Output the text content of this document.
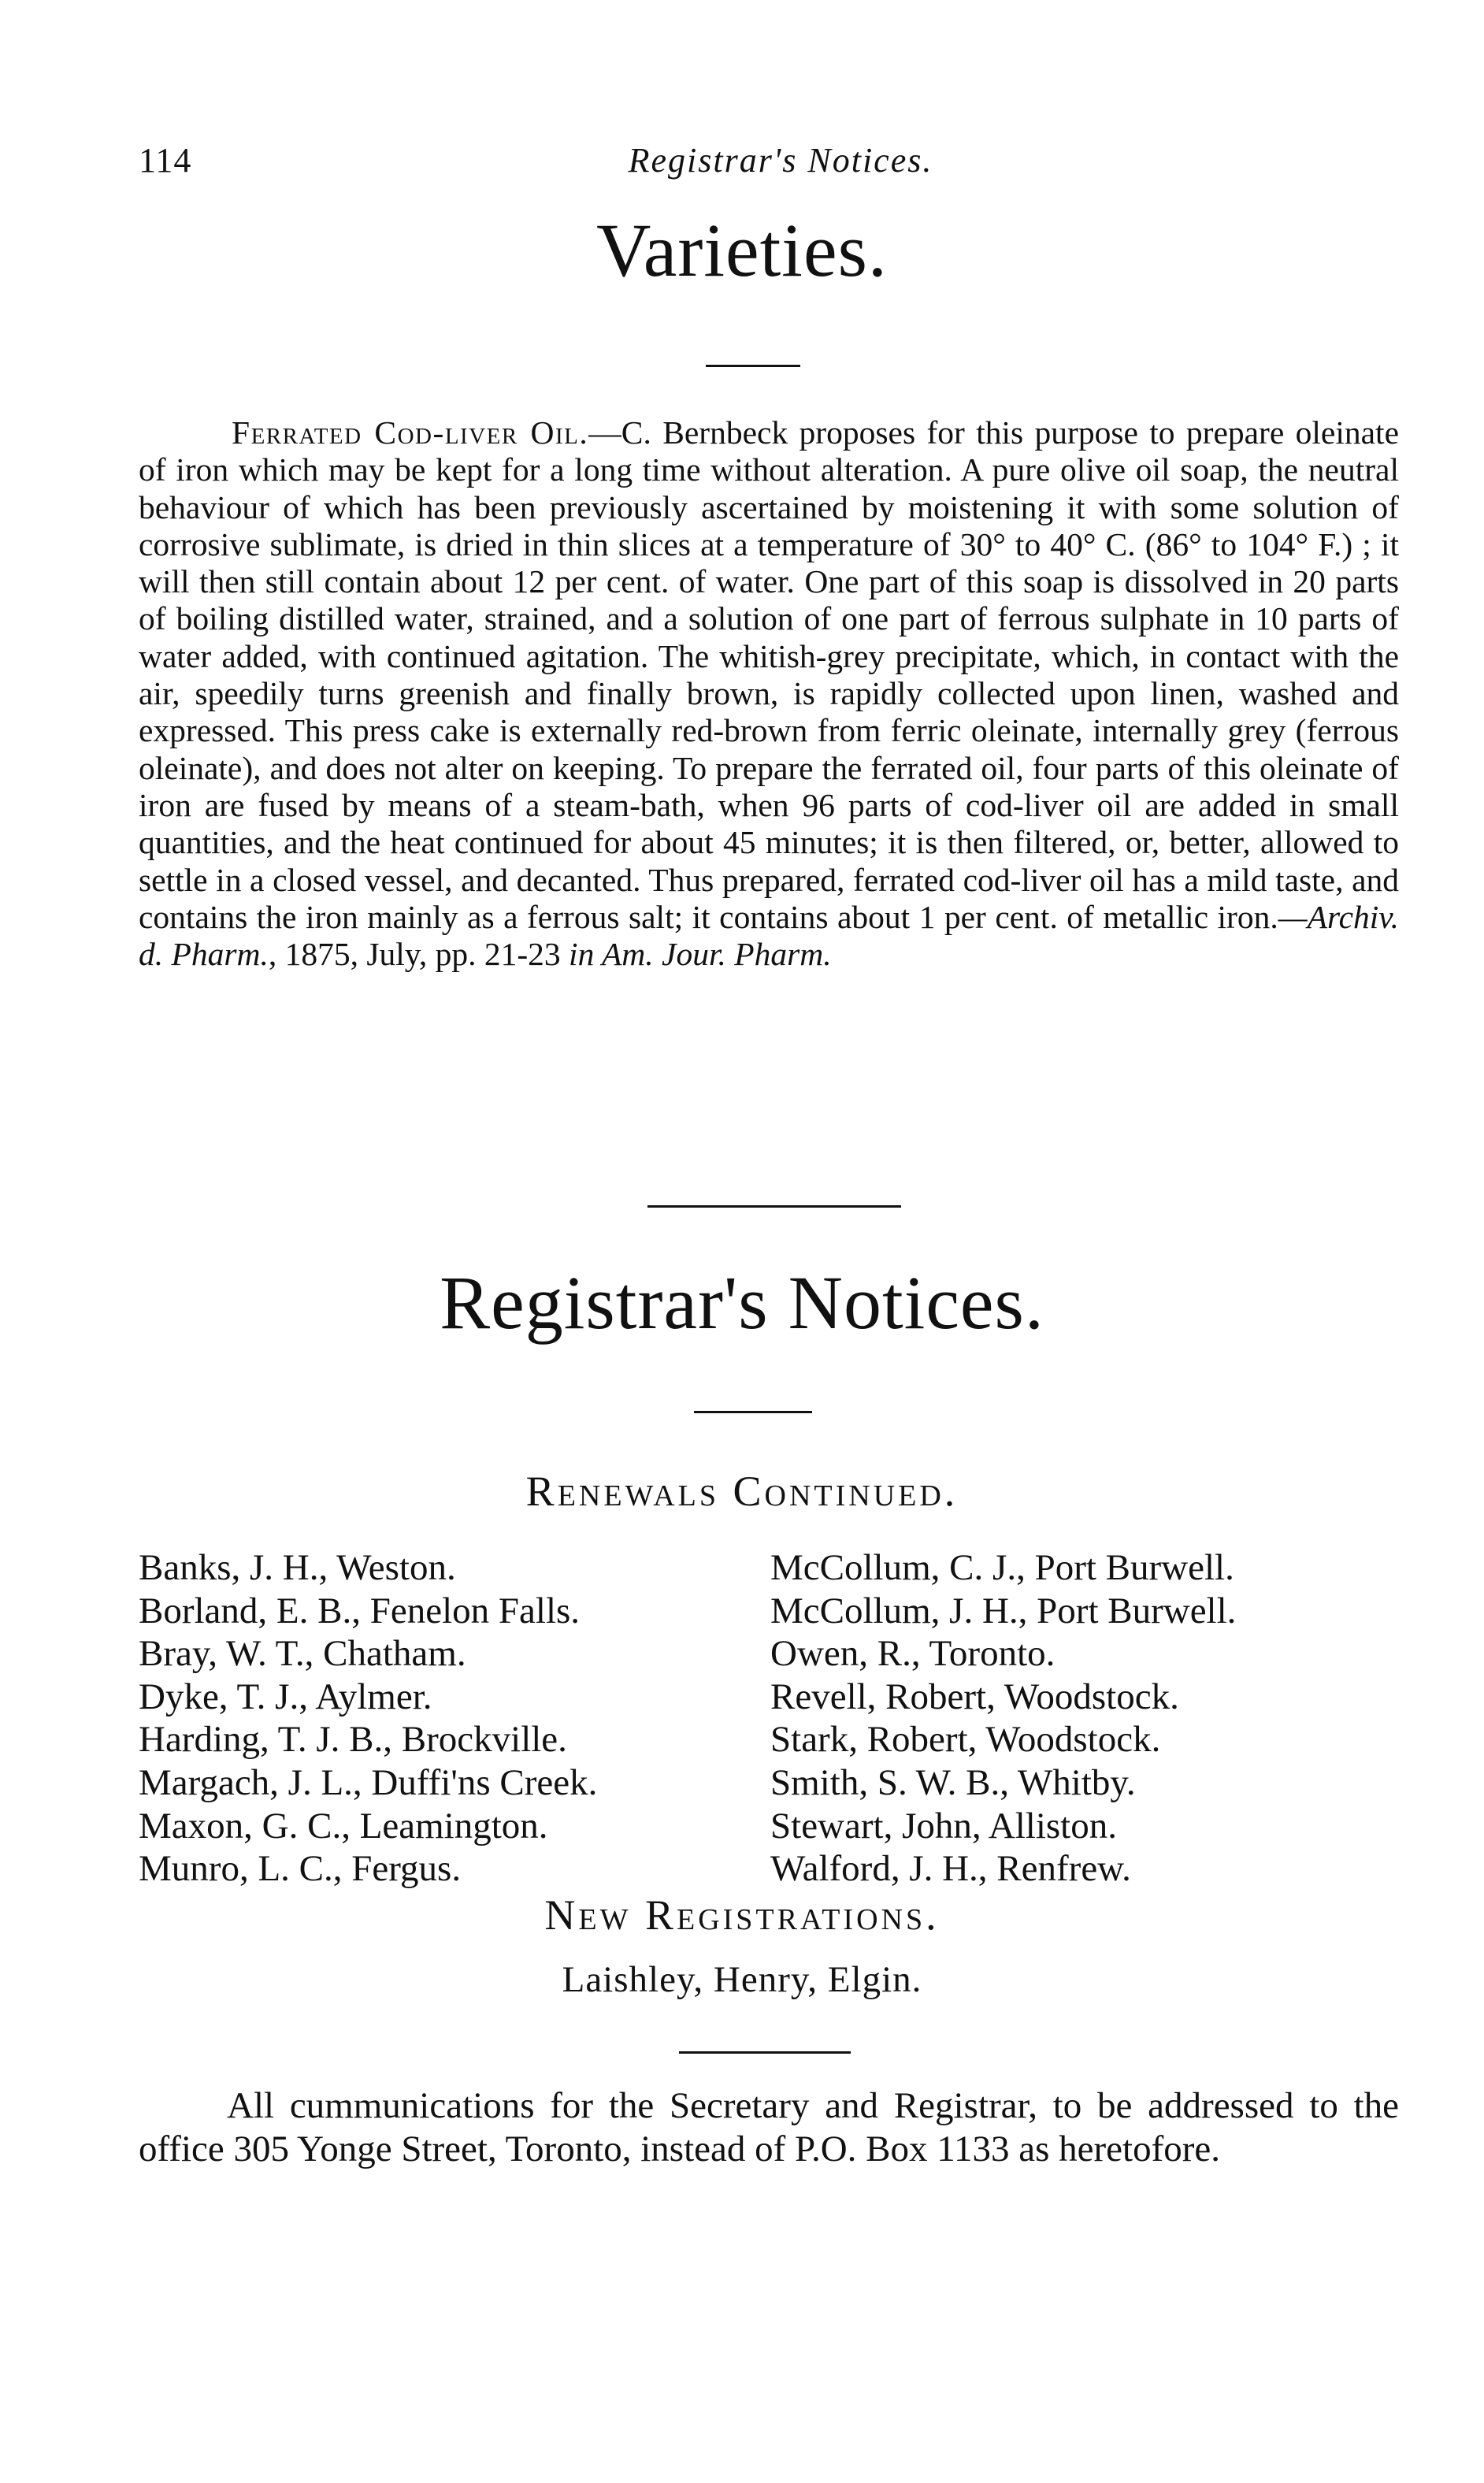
114	Registrar's Notices.
Varieties.

Ferrated Cod-liver Oil.—C. Bernbeck proposes for this purpose to prepare oleinate of iron which may be kept for a long time without alteration. A pure olive oil soap, the neutral behaviour of which has been previously ascertained by moistening it with some solution of corrosive sublimate, is dried in thin slices at a temperature of 30° to 40° C. (86° to 104° F.) ; it will then still contain about 12 per cent. of water. One part of this soap is dissolved in 20 parts of boiling distilled water, strained, and a solution of one part of ferrous sulphate in 10 parts of water added, with continued agitation. The whitish-grey precipitate, which, in contact with the air, speedily turns greenish and finally brown, is rapidly collected upon linen, washed and expressed. This press cake is externally red-brown from ferric oleinate, internally grey (ferrous oleinate), and does not alter on keeping. To prepare the ferrated oil, four parts of this oleinate of iron are fused by means of a steam-bath, when 96 parts of cod-liver oil are added in small quantities, and the heat continued for about 45 minutes; it is then filtered, or, better, allowed to settle in a closed vessel, and decanted. Thus prepared, ferrated cod-liver oil has a mild taste, and contains the iron mainly as a ferrous salt; it contains about 1 per cent. of metallic iron.—Archiv. d. Pharm., 1875, July, pp. 21-23 in Am. Jour. Pharm.

Registrar's Notices.
Renewals Continued.
Banks, J. H., Weston.
Borland, E. B., Fenelon Falls.
Bray, W. T., Chatham.
Dyke, T. J., Aylmer.
Harding, T. J. B., Brockville.
Margach, J. L., Duffi'ns Creek.
Maxon, G. C., Leamington.
Munro, L. C., Fergus.
McCollum, C. J., Port Burwell.
McCollum, J. H., Port Burwell.
Owen, R., Toronto.
Revell, Robert, Woodstock.
Stark, Robert, Woodstock.
Smith, S. W. B., Whitby.
Stewart, John, Alliston.
Walford, J. H., Renfrew.
New Registrations.
Laishley, Henry, Elgin.

All cummunications for the Secretary and Registrar, to be addressed to the office 305 Yonge Street, Toronto, instead of P.O. Box 1133 as heretofore.
